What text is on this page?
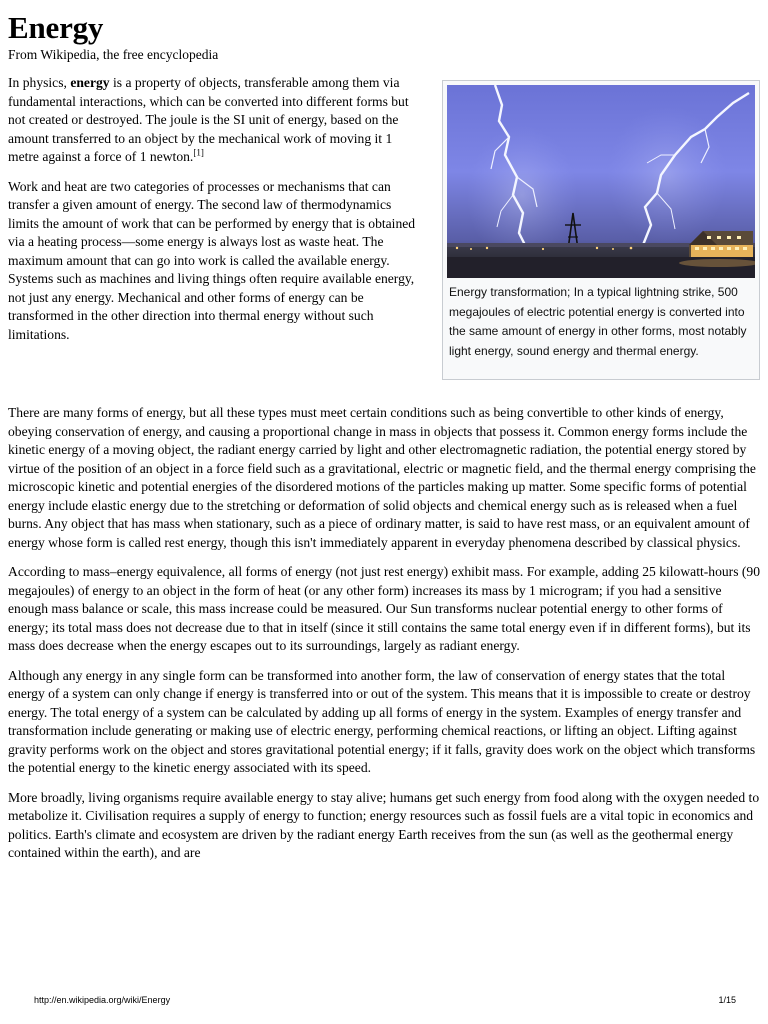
Energy
From Wikipedia, the free encyclopedia

In physics, energy is a property of objects, transferable among them via fundamental interactions, which can be converted into different forms but not created or destroyed. The joule is the SI unit of energy, based on the amount transferred to an object by the mechanical work of moving it 1 metre against a force of 1 newton.[1]

Work and heat are two categories of processes or mechanisms that can transfer a given amount of energy. The second law of thermodynamics limits the amount of work that can be performed by energy that is obtained via a heating process—some energy is always lost as waste heat. The maximum amount that can go into work is called the available energy. Systems such as machines and living things often require available energy, not just any energy. Mechanical and other forms of energy can be transformed in the other direction into thermal energy without such limitations.

Energy transformation; In a typical lightning strike, 500 megajoules of electric potential energy is converted into the same amount of energy in other forms, most notably light energy, sound energy and thermal energy.

There are many forms of energy, but all these types must meet certain conditions such as being convertible to other kinds of energy, obeying conservation of energy, and causing a proportional change in mass in objects that possess it. Common energy forms include the kinetic energy of a moving object, the radiant energy carried by light and other electromagnetic radiation, the potential energy stored by virtue of the position of an object in a force field such as a gravitational, electric or magnetic field, and the thermal energy comprising the microscopic kinetic and potential energies of the disordered motions of the particles making up matter. Some specific forms of potential energy include elastic energy due to the stretching or deformation of solid objects and chemical energy such as is released when a fuel burns. Any object that has mass when stationary, such as a piece of ordinary matter, is said to have rest mass, or an equivalent amount of energy whose form is called rest energy, though this isn't immediately apparent in everyday phenomena described by classical physics.

According to mass–energy equivalence, all forms of energy (not just rest energy) exhibit mass. For example, adding 25 kilowatt-hours (90 megajoules) of energy to an object in the form of heat (or any other form) increases its mass by 1 microgram; if you had a sensitive enough mass balance or scale, this mass increase could be measured. Our Sun transforms nuclear potential energy to other forms of energy; its total mass does not decrease due to that in itself (since it still contains the same total energy even if in different forms), but its mass does decrease when the energy escapes out to its surroundings, largely as radiant energy.

Although any energy in any single form can be transformed into another form, the law of conservation of energy states that the total energy of a system can only change if energy is transferred into or out of the system. This means that it is impossible to create or destroy energy. The total energy of a system can be calculated by adding up all forms of energy in the system. Examples of energy transfer and transformation include generating or making use of electric energy, performing chemical reactions, or lifting an object. Lifting against gravity performs work on the object and stores gravitational potential energy; if it falls, gravity does work on the object which transforms the potential energy to the kinetic energy associated with its speed.

More broadly, living organisms require available energy to stay alive; humans get such energy from food along with the oxygen needed to metabolize it. Civilisation requires a supply of energy to function; energy resources such as fossil fuels are a vital topic in economics and politics. Earth's climate and ecosystem are driven by the radiant energy Earth receives from the sun (as well as the geothermal energy contained within the earth), and are

http://en.wikipedia.org/wiki/Energy	1/15
